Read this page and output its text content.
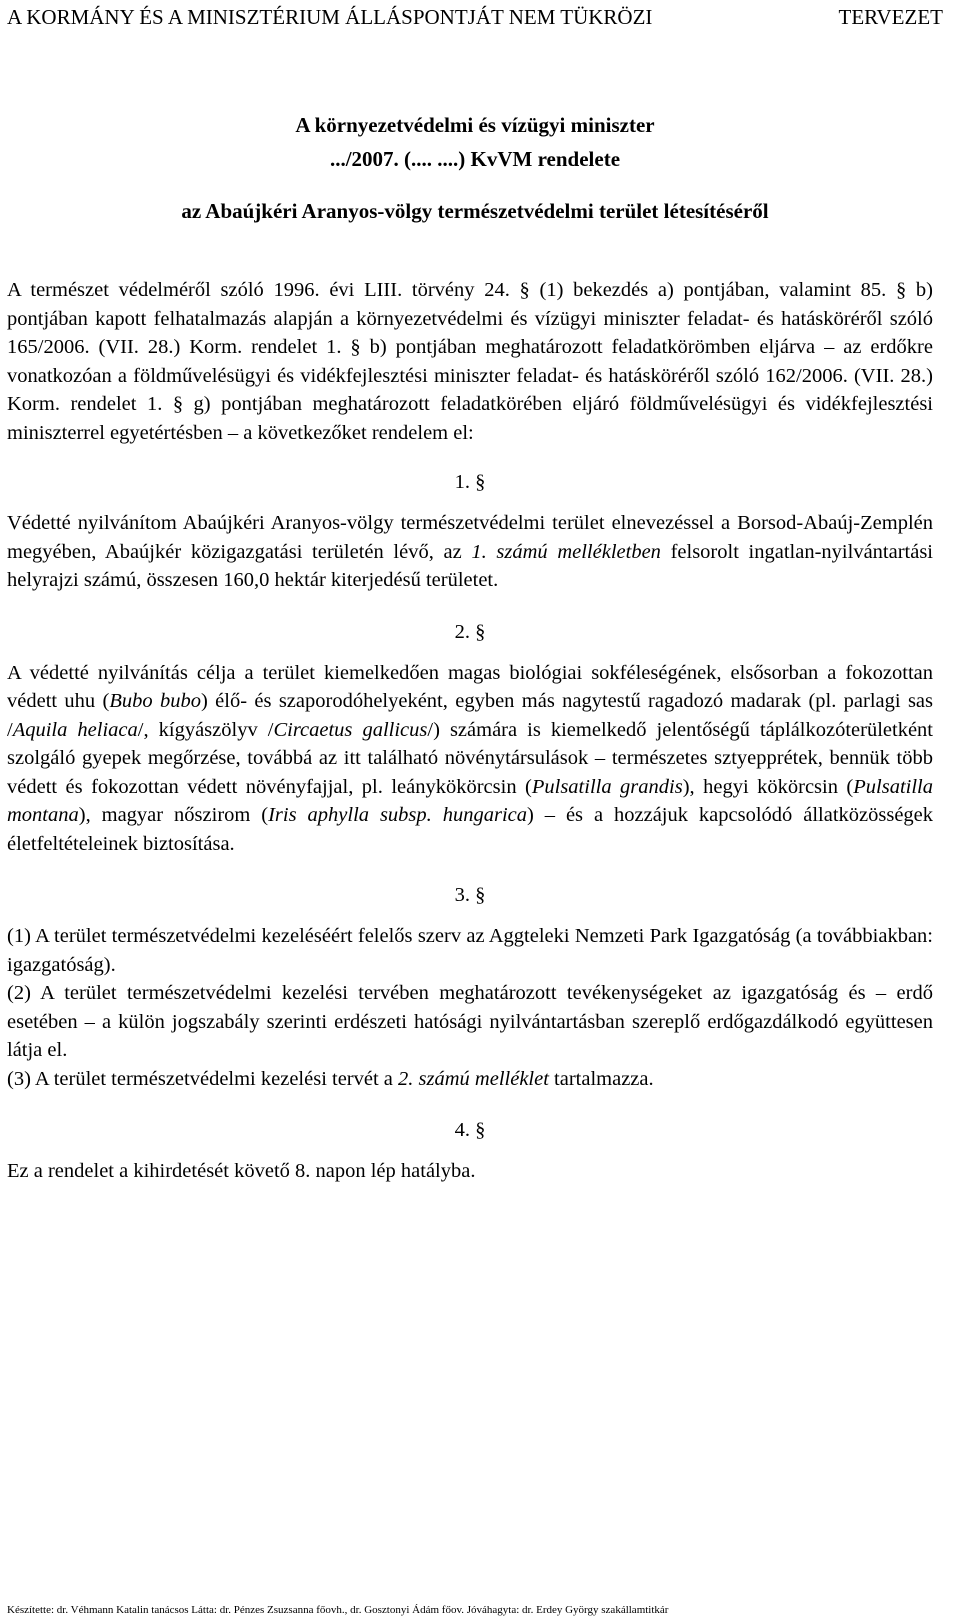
A KORMÁNY ÉS A MINISZTÉRIUM ÁLLÁSPONTJÁT NEM TÜKRÖZI	TERVEZET
A környezetvédelmi és vízügyi miniszter
.../2007. (.... ....) KvVM rendelete
az Abaújkéri Aranyos-völgy természetvédelmi terület létesítéséről

A természet védelméről szóló 1996. évi LIII. törvény 24. § (1) bekezdés a) pontjában, valamint 85. § b) pontjában kapott felhatalmazás alapján a környezetvédelmi és vízügyi miniszter feladat- és hatásköréről szóló 165/2006. (VII. 28.) Korm. rendelet 1. § b) pontjában meghatározott feladatkörömben eljárva – az erdőkre vonatkozóan a földművelésügyi és vidékfejlesztési miniszter feladat- és hatásköréről szóló 162/2006. (VII. 28.) Korm. rendelet 1. § g) pontjában meghatározott feladatkörében eljáró földművelésügyi és vidékfejlesztési miniszterrel egyetértésben – a következőket rendelem el:

1. §

Védetté nyilvánítom Abaújkéri Aranyos-völgy természetvédelmi terület elnevezéssel a Borsod-Abaúj-Zemplén megyében, Abaújkér közigazgatási területén lévő, az 1. számú mellékletben felsorolt ingatlan-nyilvántartási helyrajzi számú, összesen 160,0 hektár kiterjedésű területet.

2. §

A védetté nyilvánítás célja a terület kiemelkedően magas biológiai sokféleségének, elsősorban a fokozottan védett uhu (Bubo bubo) élő- és szaporodóhelyeként, egyben más nagytestű ragadozó madarak (pl. parlagi sas /Aquila heliaca/, kígyászölyv /Circaetus gallicus/) számára is kiemelkedő jelentőségű táplálkozóterületként szolgáló gyepek megőrzése, továbbá az itt található növénytársulások – természetes sztyepprétek, bennük több védett és fokozottan védett növényfajjal, pl. leánykökörcsin (Pulsatilla grandis), hegyi kökörcsin (Pulsatilla montana), magyar nőszirom (Iris aphylla subsp. hungarica) – és a hozzájuk kapcsolódó állatközösségek életfeltételeinek biztosítása.

3. §

(1) A terület természetvédelmi kezeléséért felelős szerv az Aggteleki Nemzeti Park Igazgatóság (a továbbiakban: igazgatóság).

(2) A terület természetvédelmi kezelési tervében meghatározott tevékenységeket az igazgatóság és – erdő esetében – a külön jogszabály szerinti erdészeti hatósági nyilvántartásban szereplő erdőgazdálkodó együttesen látja el.

(3) A terület természetvédelmi kezelési tervét a 2. számú melléklet tartalmazza.

4. §

Ez a rendelet a kihirdetését követő 8. napon lép hatályba.

Készítette: dr. Véhmann Katalin tanácsos Látta: dr. Pénzes Zsuzsanna főovh., dr. Gosztonyi Ádám főov. Jóváhagyta: dr. Erdey György szakállamtitkár
